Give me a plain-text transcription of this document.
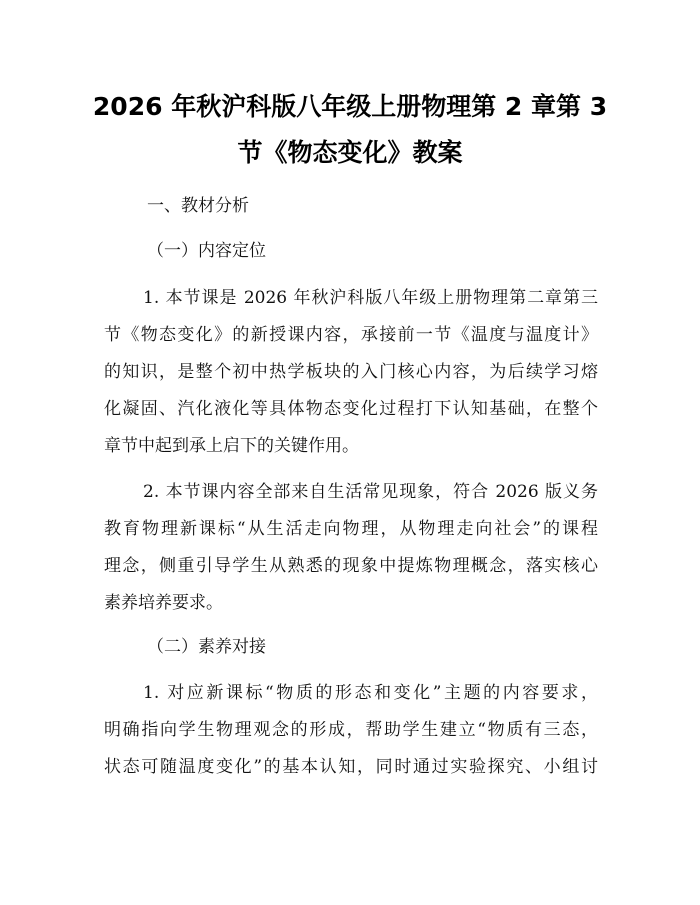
2026 年秋沪科版八年级上册物理第 2 章第 3
节《物态变化》教案
一、教材分析
（一）内容定位
1. 本节课是 2026 年秋沪科版八年级上册物理第二章第三
节《物态变化》的新授课内容，承接前一节《温度与温度计》
的知识，是整个初中热学板块的入门核心内容，为后续学习熔
化凝固、汽化液化等具体物态变化过程打下认知基础，在整个
章节中起到承上启下的关键作用。
2. 本节课内容全部来自生活常见现象，符合 2026 版义务
教育物理新课标“从生活走向物理，从物理走向社会”的课程
理念，侧重引导学生从熟悉的现象中提炼物理概念，落实核心
素养培养要求。
（二）素养对接
1. 对应新课标“物质的形态和变化”主题的内容要求，
明确指向学生物理观念的形成，帮助学生建立“物质有三态，
状态可随温度变化”的基本认知，同时通过实验探究、小组讨
